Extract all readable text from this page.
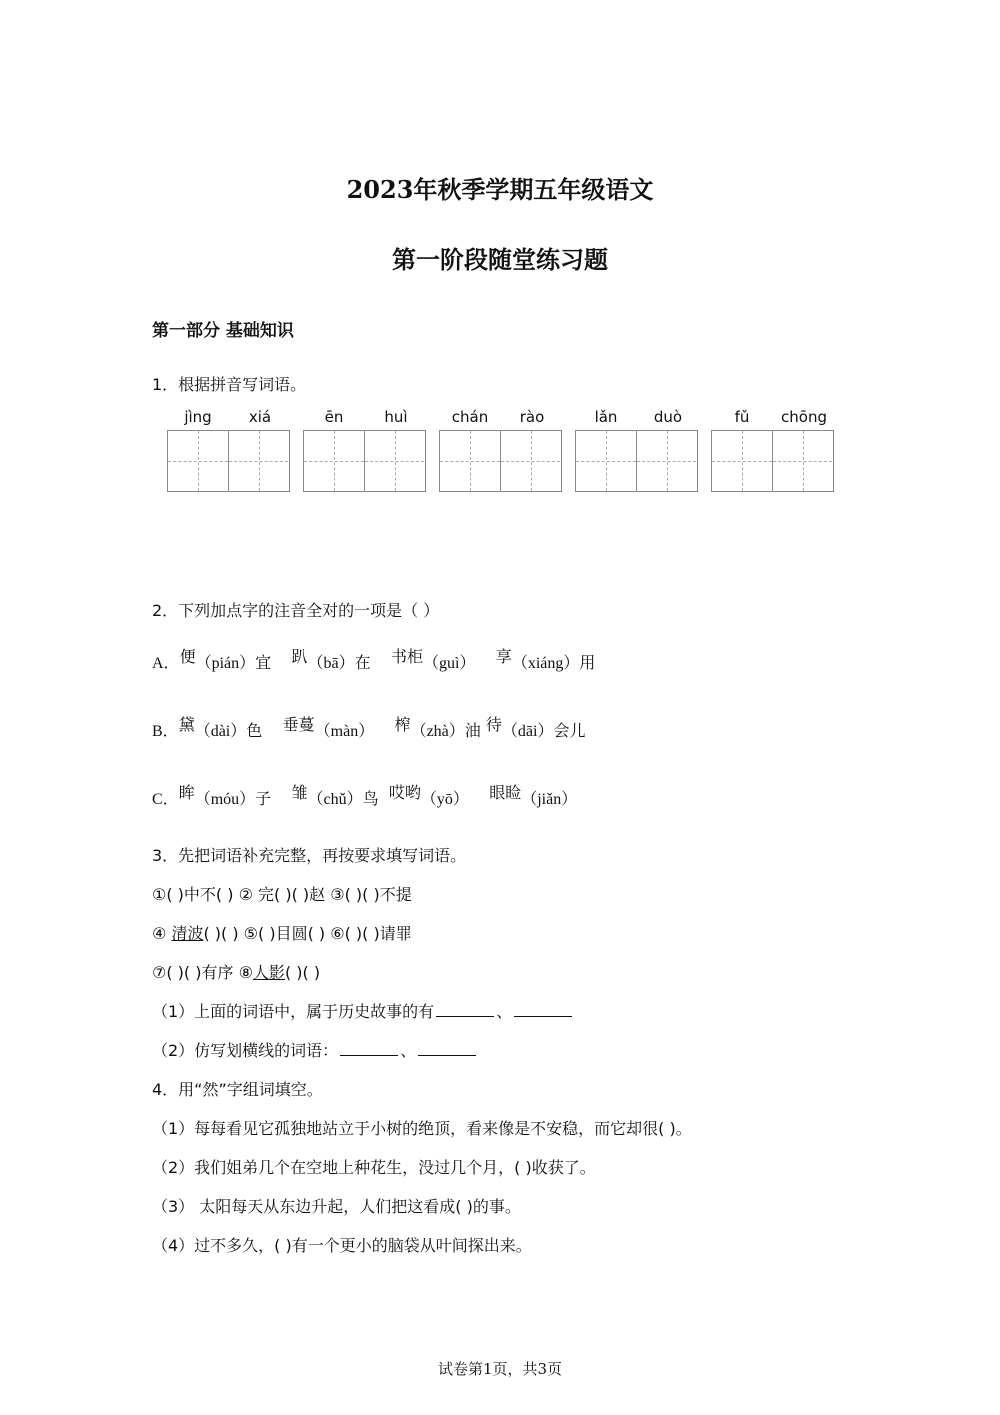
2023年秋季学期五年级语文
第一阶段随堂练习题
第一部分 基础知识
1．根据拼音写词语。
jìng	xiá	ēn	huì	chán	rào	lǎn	duò	fǔ	chōng
2．下列加点字的注音全对的一项是（ ）
A．便（pián）宜 趴（bā）在 书柜（guì） 享（xiáng）用
B．黛（dài）色 垂蔓（màn） 榨（zhà）油 待（dāi）会儿
C．眸（móu）子 雏（chǔ）鸟 哎哟（yō） 眼睑（jiǎn）
3．先把词语补充完整，再按要求填写词语。
①( )中不( ) ② 完( )( )赵 ③( )( )不提
④ 清波( )( ) ⑤( )目圆( ) ⑥( )( )请罪
⑦( )( )有序 ⑧人影( )( )
（1）上面的词语中，属于历史故事的有	、
（2）仿写划横线的词语：	、
4．用“然”字组词填空。
（1）每每看见它孤独地站立于小树的绝顶，看来像是不安稳，而它却很( )。
（2）我们姐弟几个在空地上种花生，没过几个月，( )收获了。
（3） 太阳每天从东边升起，人们把这看成( )的事。
（4）过不多久，( )有一个更小的脑袋从叶间探出来。
试卷第1页，共3页
